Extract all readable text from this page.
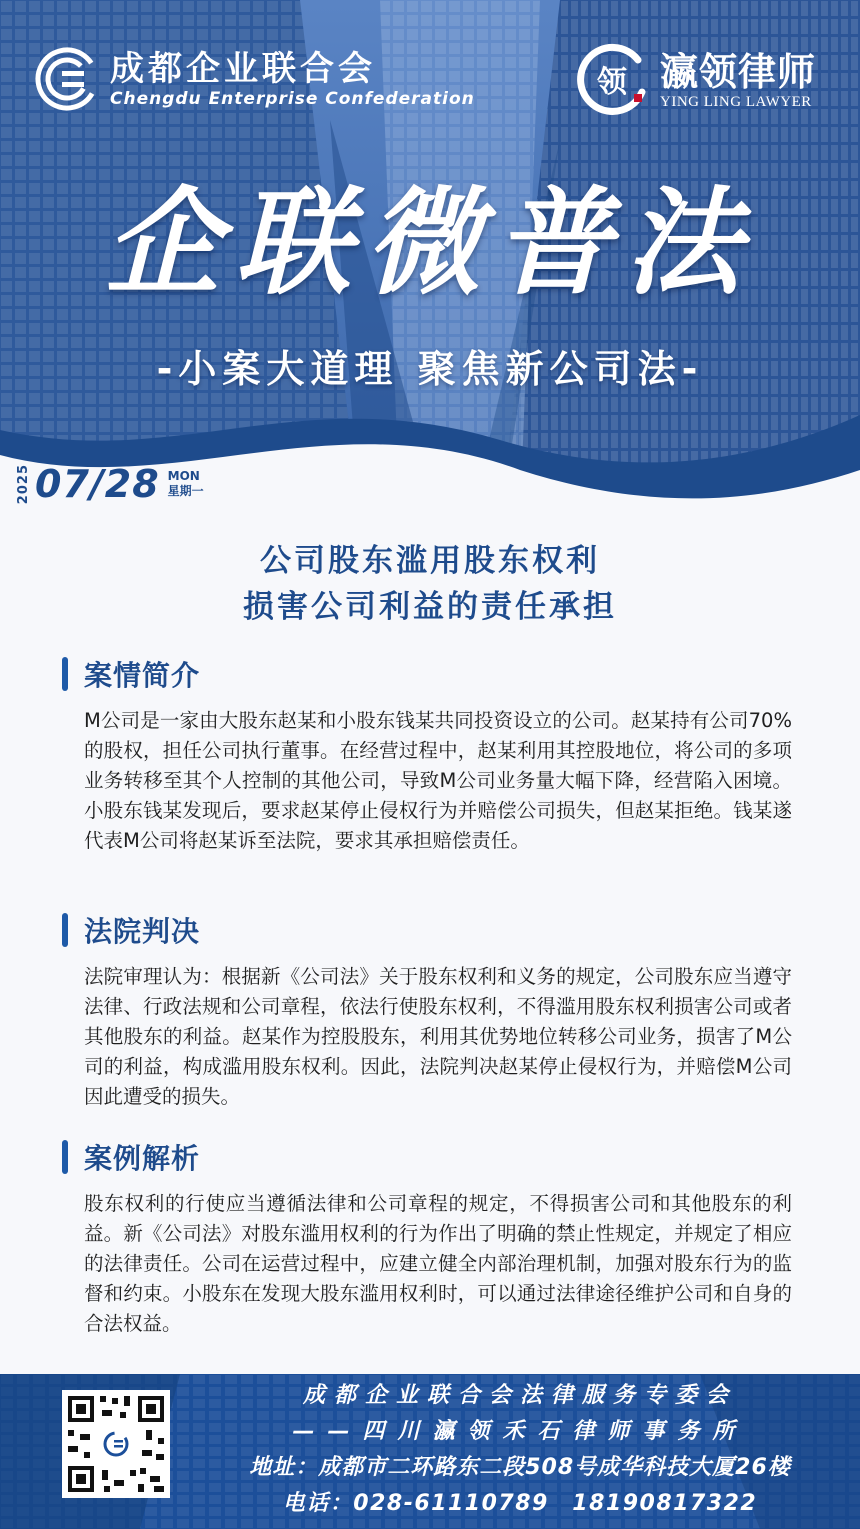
成都企业联合会
Chengdu Enterprise Confederation	领 瀛领律师
YING LING LAWYER
企联微普法
-小案大道理 聚焦新公司法-
2025 07/28 MON
星期一
公司股东滥用股东权利
损害公司利益的责任承担
案情简介
M公司是一家由大股东赵某和小股东钱某共同投资设立的公司。赵某持有公司70%的股权，担任公司执行董事。在经营过程中，赵某利用其控股地位，将公司的多项业务转移至其个人控制的其他公司，导致M公司业务量大幅下降，经营陷入困境。小股东钱某发现后，要求赵某停止侵权行为并赔偿公司损失，但赵某拒绝。钱某遂代表M公司将赵某诉至法院，要求其承担赔偿责任。
法院判决
法院审理认为：根据新《公司法》关于股东权利和义务的规定，公司股东应当遵守法律、行政法规和公司章程，依法行使股东权利，不得滥用股东权利损害公司或者其他股东的利益。赵某作为控股股东，利用其优势地位转移公司业务，损害了M公司的利益，构成滥用股东权利。因此，法院判决赵某停止侵权行为，并赔偿M公司因此遭受的损失。
案例解析
股东权利的行使应当遵循法律和公司章程的规定，不得损害公司和其他股东的利益。新《公司法》对股东滥用权利的行为作出了明确的禁止性规定，并规定了相应的法律责任。公司在运营过程中，应建立健全内部治理机制，加强对股东行为的监督和约束。小股东在发现大股东滥用权利时，可以通过法律途径维护公司和自身的合法权益。
成都企业联合会法律服务专委会
——四川瀛领禾石律师事务所
地址：成都市二环路东二段508号成华科技大厦26楼
电话：028-61110789　18190817322
